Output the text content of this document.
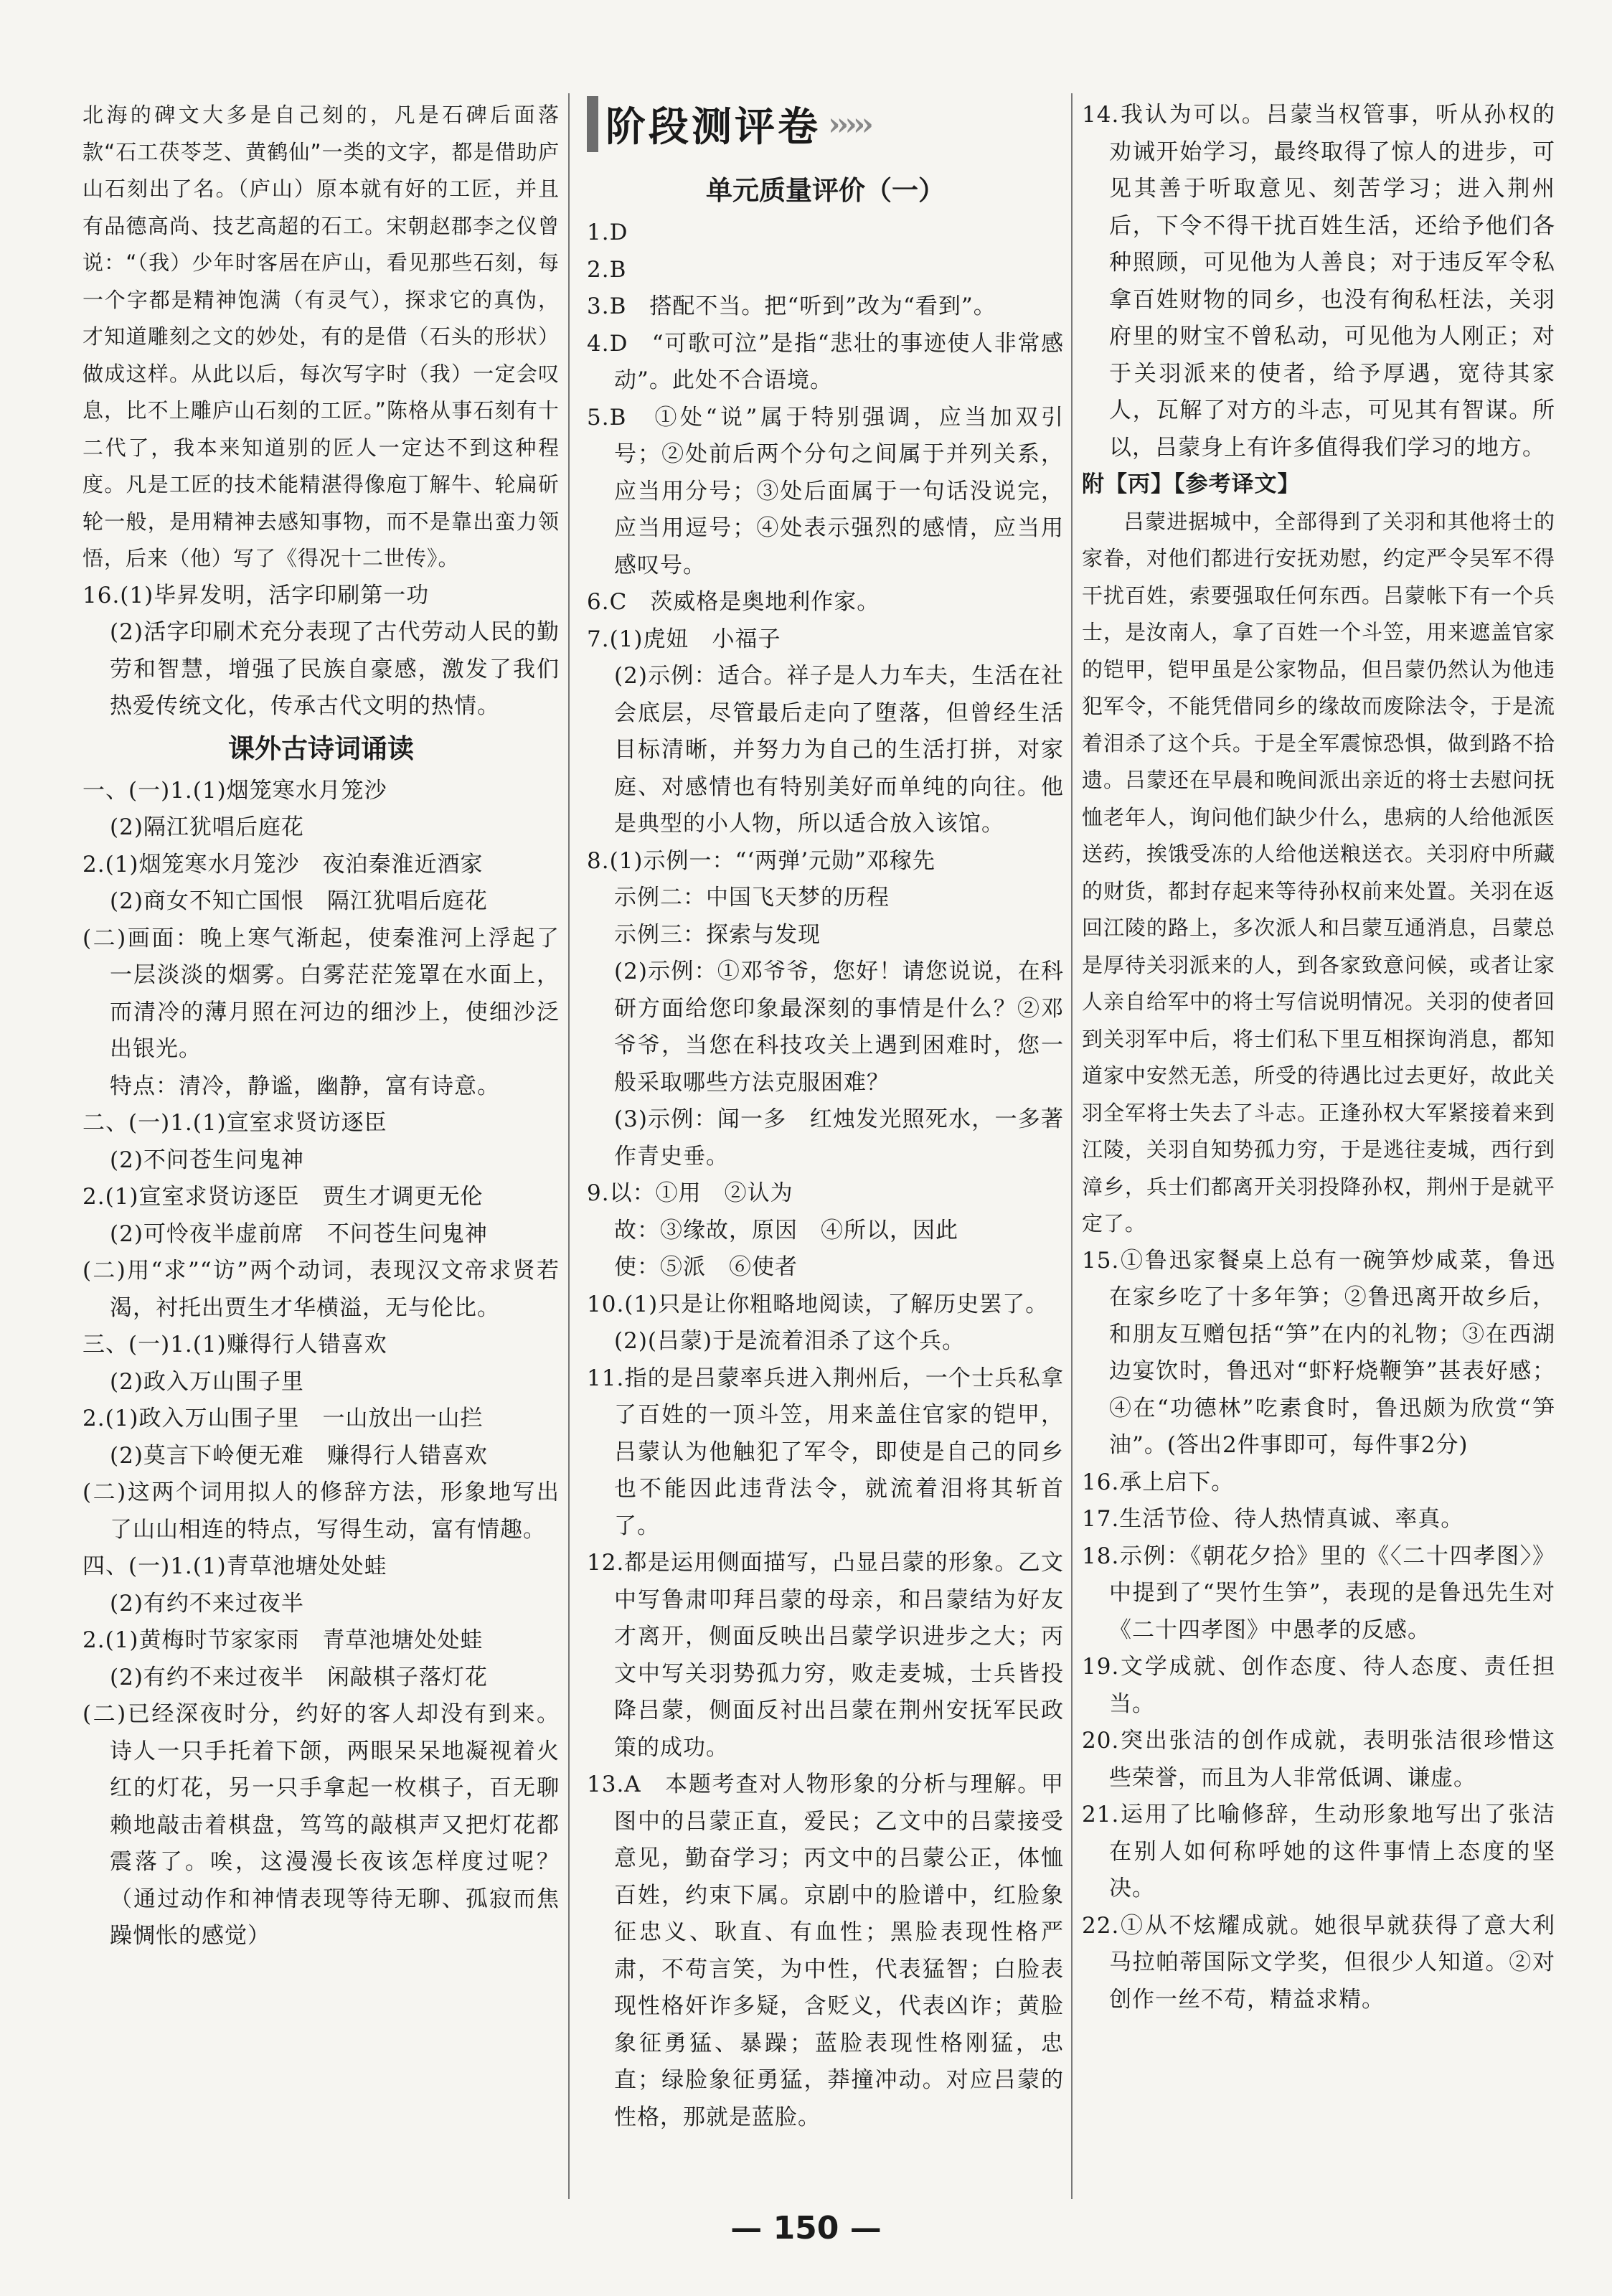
北海的碑文大多是自己刻的，凡是石碑后面落款“石工茯苓芝、黄鹤仙”一类的文字，都是借助庐山石刻出了名。（庐山）原本就有好的工匠，并且有品德高尚、技艺高超的石工。宋朝赵郡李之仪曾说：“（我）少年时客居在庐山，看见那些石刻，每一个字都是精神饱满（有灵气），探求它的真伪，才知道雕刻之文的妙处，有的是借（石头的形状）做成这样。从此以后，每次写字时（我）一定会叹息，比不上雕庐山石刻的工匠。”陈格从事石刻有十二代了，我本来知道别的匠人一定达不到这种程度。凡是工匠的技术能精湛得像庖丁解牛、轮扁斫轮一般，是用精神去感知事物，而不是靠出蛮力领悟，后来（他）写了《得况十二世传》。

16.(1)毕昇发明，活字印刷第一功

(2)活字印刷术充分表现了古代劳动人民的勤劳和智慧，增强了民族自豪感，激发了我们热爱传统文化，传承古代文明的热情。

课外古诗词诵读

一、(一)1.(1)烟笼寒水月笼沙

(2)隔江犹唱后庭花

2.(1)烟笼寒水月笼沙　夜泊秦淮近酒家

(2)商女不知亡国恨　隔江犹唱后庭花

(二)画面：晚上寒气渐起，使秦淮河上浮起了一层淡淡的烟雾。白雾茫茫笼罩在水面上，而清冷的薄月照在河边的细沙上，使细沙泛出银光。

特点：清冷，静谧，幽静，富有诗意。

二、(一)1.(1)宣室求贤访逐臣

(2)不问苍生问鬼神

2.(1)宣室求贤访逐臣　贾生才调更无伦

(2)可怜夜半虚前席　不问苍生问鬼神

(二)用“求”“访”两个动词，表现汉文帝求贤若渴，衬托出贾生才华横溢，无与伦比。

三、(一)1.(1)赚得行人错喜欢

(2)政入万山围子里

2.(1)政入万山围子里　一山放出一山拦

(2)莫言下岭便无难　赚得行人错喜欢

(二)这两个词用拟人的修辞方法，形象地写出了山山相连的特点，写得生动，富有情趣。

四、(一)1.(1)青草池塘处处蛙

(2)有约不来过夜半

2.(1)黄梅时节家家雨　青草池塘处处蛙

(2)有约不来过夜半　闲敲棋子落灯花

(二)已经深夜时分，约好的客人却没有到来。诗人一只手托着下颌，两眼呆呆地凝视着火红的灯花，另一只手拿起一枚棋子，百无聊赖地敲击着棋盘，笃笃的敲棋声又把灯花都震落了。唉，这漫漫长夜该怎样度过呢？（通过动作和神情表现等待无聊、孤寂而焦躁惆怅的感觉）

阶段测评卷 ›››››
单元质量评价（一）

1.D

2.B

3.B　搭配不当。把“听到”改为“看到”。

4.D　“可歌可泣”是指“悲壮的事迹使人非常感动”。此处不合语境。

5.B　①处“说”属于特别强调，应当加双引号；②处前后两个分句之间属于并列关系，应当用分号；③处后面属于一句话没说完，应当用逗号；④处表示强烈的感情，应当用感叹号。

6.C　茨威格是奥地利作家。

7.(1)虎妞　小福子

(2)示例：适合。祥子是人力车夫，生活在社会底层，尽管最后走向了堕落，但曾经生活目标清晰，并努力为自己的生活打拼，对家庭、对感情也有特别美好而单纯的向往。他是典型的小人物，所以适合放入该馆。

8.(1)示例一：“‘两弹’元勋”邓稼先

示例二：中国飞天梦的历程

示例三：探索与发现

(2)示例：①邓爷爷，您好！请您说说，在科研方面给您印象最深刻的事情是什么？②邓爷爷，当您在科技攻关上遇到困难时，您一般采取哪些方法克服困难？

(3)示例：闻一多　红烛发光照死水，一多著作青史垂。

9.以：①用　②认为

故：③缘故，原因　④所以，因此

使：⑤派　⑥使者

10.(1)只是让你粗略地阅读，了解历史罢了。

(2)(吕蒙)于是流着泪杀了这个兵。

11.指的是吕蒙率兵进入荆州后，一个士兵私拿了百姓的一顶斗笠，用来盖住官家的铠甲，吕蒙认为他触犯了军令，即使是自己的同乡也不能因此违背法令，就流着泪将其斩首了。

12.都是运用侧面描写，凸显吕蒙的形象。乙文中写鲁肃叩拜吕蒙的母亲，和吕蒙结为好友才离开，侧面反映出吕蒙学识进步之大；丙文中写关羽势孤力穷，败走麦城，士兵皆投降吕蒙，侧面反衬出吕蒙在荆州安抚军民政策的成功。

13.A　本题考查对人物形象的分析与理解。甲图中的吕蒙正直，爱民；乙文中的吕蒙接受意见，勤奋学习；丙文中的吕蒙公正，体恤百姓，约束下属。京剧中的脸谱中，红脸象征忠义、耿直、有血性；黑脸表现性格严肃，不苟言笑，为中性，代表猛智；白脸表现性格奸诈多疑，含贬义，代表凶诈；黄脸象征勇猛、暴躁；蓝脸表现性格刚猛，忠直；绿脸象征勇猛，莽撞冲动。对应吕蒙的性格，那就是蓝脸。

14.我认为可以。吕蒙当权管事，听从孙权的劝诫开始学习，最终取得了惊人的进步，可见其善于听取意见、刻苦学习；进入荆州后，下令不得干扰百姓生活，还给予他们各种照顾，可见他为人善良；对于违反军令私拿百姓财物的同乡，也没有徇私枉法，关羽府里的财宝不曾私动，可见他为人刚正；对于关羽派来的使者，给予厚遇，宽待其家人，瓦解了对方的斗志，可见其有智谋。所以，吕蒙身上有许多值得我们学习的地方。

附【丙】【参考译文】

吕蒙进据城中，全部得到了关羽和其他将士的家眷，对他们都进行安抚劝慰，约定严令吴军不得干扰百姓，索要强取任何东西。吕蒙帐下有一个兵士，是汝南人，拿了百姓一个斗笠，用来遮盖官家的铠甲，铠甲虽是公家物品，但吕蒙仍然认为他违犯军令，不能凭借同乡的缘故而废除法令，于是流着泪杀了这个兵。于是全军震惊恐惧，做到路不拾遗。吕蒙还在早晨和晚间派出亲近的将士去慰问抚恤老年人，询问他们缺少什么，患病的人给他派医送药，挨饿受冻的人给他送粮送衣。关羽府中所藏的财货，都封存起来等待孙权前来处置。关羽在返回江陵的路上，多次派人和吕蒙互通消息，吕蒙总是厚待关羽派来的人，到各家致意问候，或者让家人亲自给军中的将士写信说明情况。关羽的使者回到关羽军中后，将士们私下里互相探询消息，都知道家中安然无恙，所受的待遇比过去更好，故此关羽全军将士失去了斗志。正逢孙权大军紧接着来到江陵，关羽自知势孤力穷，于是逃往麦城，西行到漳乡，兵士们都离开关羽投降孙权，荆州于是就平定了。

15.①鲁迅家餐桌上总有一碗笋炒咸菜，鲁迅在家乡吃了十多年笋；②鲁迅离开故乡后，和朋友互赠包括“笋”在内的礼物；③在西湖边宴饮时，鲁迅对“虾籽烧鞭笋”甚表好感；④在“功德林”吃素食时，鲁迅颇为欣赏“笋油”。(答出2件事即可，每件事2分)

16.承上启下。

17.生活节俭、待人热情真诚、率真。

18.示例：《朝花夕拾》里的《〈二十四孝图〉》中提到了“哭竹生笋”，表现的是鲁迅先生对《二十四孝图》中愚孝的反感。

19.文学成就、创作态度、待人态度、责任担当。

20.突出张洁的创作成就，表明张洁很珍惜这些荣誉，而且为人非常低调、谦虚。

21.运用了比喻修辞，生动形象地写出了张洁在别人如何称呼她的这件事情上态度的坚决。

22.①从不炫耀成就。她很早就获得了意大利马拉帕蒂国际文学奖，但很少人知道。②对创作一丝不苟，精益求精。

— 150 —
